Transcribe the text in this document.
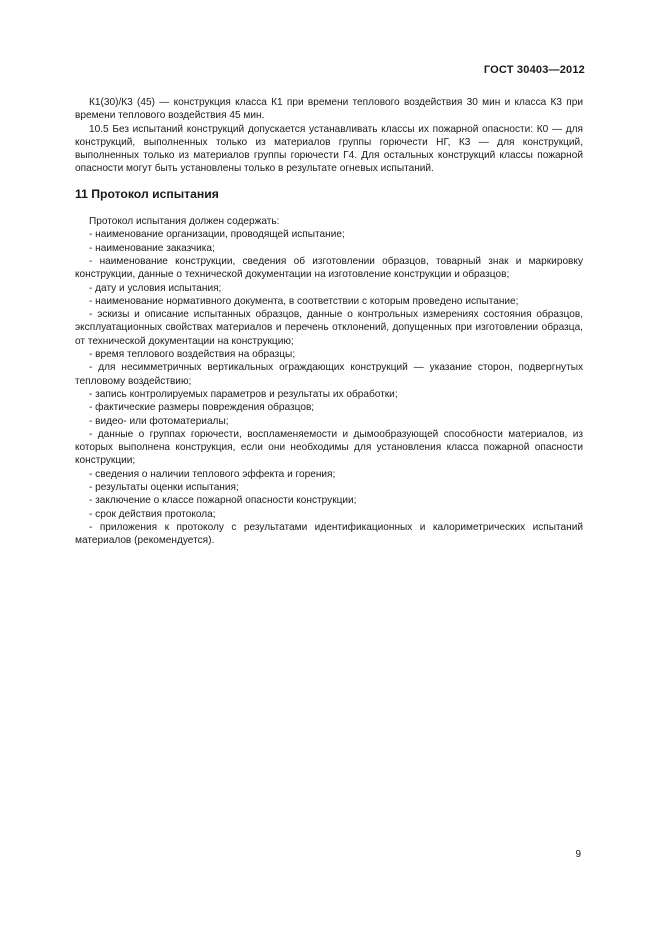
ГОСТ 30403—2012

К1(30)/К3 (45) — конструкция класса К1 при времени теплового воздействия 30 мин и класса К3 при времени теплового воздействия 45 мин.

10.5 Без испытаний конструкций допускается устанавливать классы их пожарной опасности: К0 — для конструкций, выполненных только из материалов группы горючести НГ, К3 — для конструкций, выполненных только из материалов группы горючести Г4. Для остальных конструкций классы пожарной опасности могут быть установлены только в результате огневых испытаний.

11 Протокол испытания

Протокол испытания должен содержать:

- наименование организации, проводящей испытание;

- наименование заказчика;

- наименование конструкции, сведения об изготовлении образцов, товарный знак и маркировку конструкции, данные о технической документации на изготовление конструкции и образцов;

- дату и условия испытания;

- наименование нормативного документа, в соответствии с которым проведено испытание;

- эскизы и описание испытанных образцов, данные о контрольных измерениях состояния образцов, эксплуатационных свойствах материалов и перечень отклонений, допущенных при изготовлении образца, от технической документации на конструкцию;

- время теплового воздействия на образцы;

- для несимметричных вертикальных ограждающих конструкций — указание сторон, подвергнутых тепловому воздействию;

- запись контролируемых параметров и результаты их обработки;

- фактические размеры повреждения образцов;

- видео- или фотоматериалы;

- данные о группах горючести, воспламеняемости и дымообразующей способности материалов, из которых выполнена конструкция, если они необходимы для установления класса пожарной опасности конструкции;

- сведения о наличии теплового эффекта и горения;

- результаты оценки испытания;

- заключение о классе пожарной опасности конструкции;

- срок действия протокола;

- приложения к протоколу с результатами идентификационных и калориметрических испытаний материалов (рекомендуется).

9
